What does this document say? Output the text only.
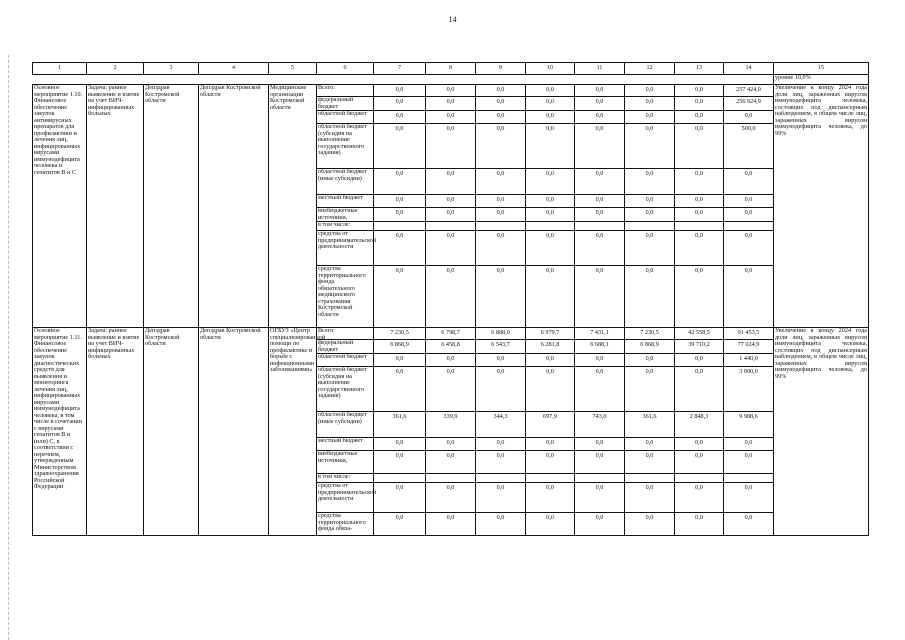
14
1	2	3	4	5	6	7	8	9	10	11	12	13	14	15
														уровне 10,0%
Основное мероприятие 1.10. Финансовое обеспечение закупок антивирусных препаратов для профилактики и лечения лиц, инфицированных вирусами иммунодефицита человека и гепатитов В и С	Задача: раннее выявление и взятие на учет ВИЧ-инфицированных больных	Депздрав Костромской области	Депздрав Костромской области	Медицинские организации Костромской области	Всего:	0,0	0,0	0,0	0,0	0,0	0,0	0,0	257 424,9	Увеличение к концу 2024 года доли лиц, зараженных вирусом иммунодефицита человека, состоящих под диспансерным наблюдением, в общем числе лиц, зараженных вирусом иммунодефицита человека, до 99%
					федеральный бюджет	0,0	0,0	0,0	0,0	0,0	0,0	0,0	256 924,9	
					областной бюджет	0,0	0,0	0,0	0,0	0,0	0,0	0,0	0,0	
					областной бюджет (субсидия на выполнение государственного задания)	0,0	0,0	0,0	0,0	0,0	0,0	0,0	500,0	
					областной бюджет (иные субсидии)	0,0	0,0	0,0	0,0	0,0	0,0	0,0	0,0	
					местный бюджет	0,0	0,0	0,0	0,0	0,0	0,0	0,0	0,0	
					внебюджетные источники,	0,0	0,0	0,0	0,0	0,0	0,0	0,0	0,0	
					в том числе:									
					средства от предпринимательской деятельности	0,0	0,0	0,0	0,0	0,0	0,0	0,0	0,0	
					средства территориального фонда обязательного медицинского страхования Костромской области	0,0	0,0	0,0	0,0	0,0	0,0	0,0	0,0	
Основное мероприятие 1.11. Финансовое обеспечение закупок диагностических средств для выявления и мониторинга лечения лиц, инфицированных вирусами иммунодефицита человека, в том числе в сочетании с вирусами гепатитов В и (или) С, в соответствии с перечнем, утвержденным Министерством здравоохранения Российской Федерации	Задача: раннее выявление и взятие на учет ВИЧ-инфицированных больных	Депздрав Костромской области	Депздрав Костромской области	ОГБУЗ «Центр специализированной помощи по профилактике и борьбе с инфекционными заболеваниями»	Всего:	7 230,5	6 798,7	6 888,0	6 979,7	7 431,1	7 230,5	42 558,5	91 453,5	Увеличение к концу 2024 года доли лиц, зараженных вирусом иммунодефицита человека, состоящих под диспансерным наблюдением, в общем числе лиц, зараженных вирусом иммунодефицита человека, до 99%
					федеральный бюджет	6 868,9	6 458,8	6 543,7	6 281,8	6 688,1	6 868,9	39 710,2	77 024,9	
					областной бюджет	0,0	0,0	0,0	0,0	0,0	0,0	0,0	1 440,0	
					областной бюджет (субсидия на выполнение государственного задания)	0,0	0,0	0,0	0,0	0,0	0,0	0,0	3 000,0	
					областной бюджет (иные субсидии)	361,6	339,9	344,3	697,9	743,0	361,6	2 848,3	9 988,6	
					местный бюджет	0,0	0,0	0,0	0,0	0,0	0,0	0,0	0,0	
					внебюджетные источники,	0,0	0,0	0,0	0,0	0,0	0,0	0,0	0,0	
					в том числе:									
					средства от предпринимательской деятельности	0,0	0,0	0,0	0,0	0,0	0,0	0,0	0,0	
					средства территориального фонда обяза-	0,0	0,0	0,0	0,0	0,0	0,0	0,0	0,0	
